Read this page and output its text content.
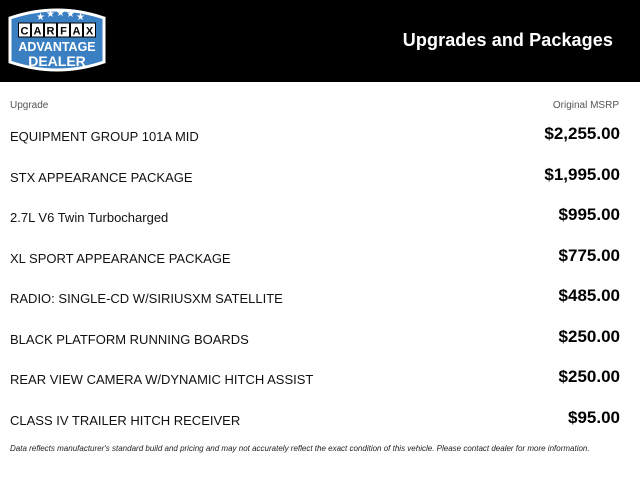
★ ★ ★ ★ ★
C A R F A X
ADVANTAGE
DEALER
Upgrades and Packages
Upgrade	Original MSRP
EQUIPMENT GROUP 101A MID	$2,255.00
STX APPEARANCE PACKAGE	$1,995.00
2.7L V6 Twin Turbocharged	$995.00
XL SPORT APPEARANCE PACKAGE	$775.00
RADIO: SINGLE-CD W/SIRIUSXM SATELLITE	$485.00
BLACK PLATFORM RUNNING BOARDS	$250.00
REAR VIEW CAMERA W/DYNAMIC HITCH ASSIST	$250.00
CLASS IV TRAILER HITCH RECEIVER	$95.00
Data reflects manufacturer's standard build and pricing and may not accurately reflect the exact condition of this vehicle. Please contact dealer for more information.
